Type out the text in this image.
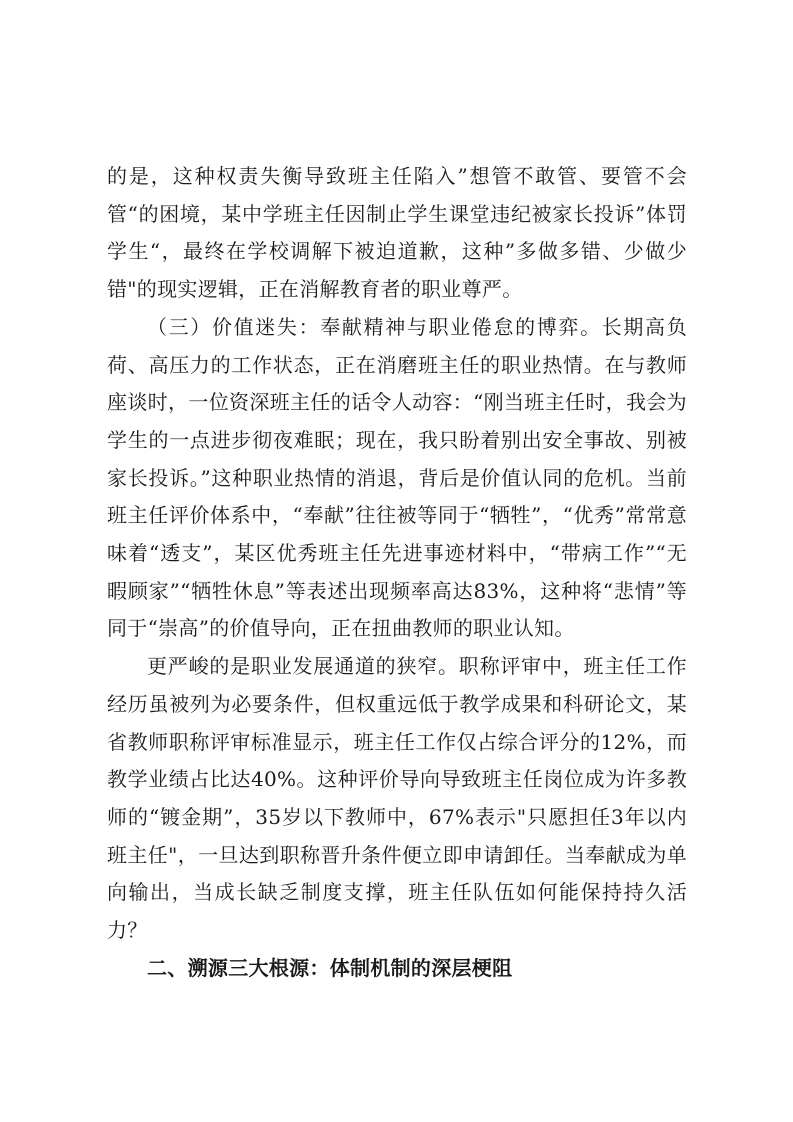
的是，这种权责失衡导致班主任陷入”想管不敢管、要管不会管“的困境，某中学班主任因制止学生课堂违纪被家长投诉”体罚学生“，最终在学校调解下被迫道歉，这种”多做多错、少做少错"的现实逻辑，正在消解教育者的职业尊严。

（三）价值迷失：奉献精神与职业倦怠的博弈。长期高负荷、高压力的工作状态，正在消磨班主任的职业热情。在与教师座谈时，一位资深班主任的话令人动容：“刚当班主任时，我会为学生的一点进步彻夜难眠；现在，我只盼着别出安全事故、别被家长投诉。”这种职业热情的消退，背后是价值认同的危机。当前班主任评价体系中，“奉献”往往被等同于“牺牲”，“优秀”常常意味着“透支”，某区优秀班主任先进事迹材料中，“带病工作”“无暇顾家”“牺牲休息”等表述出现频率高达83%，这种将“悲情”等同于“崇高”的价值导向，正在扭曲教师的职业认知。

更严峻的是职业发展通道的狭窄。职称评审中，班主任工作经历虽被列为必要条件，但权重远低于教学成果和科研论文，某省教师职称评审标准显示，班主任工作仅占综合评分的12%，而教学业绩占比达40%。这种评价导向导致班主任岗位成为许多教师的“镀金期”，35岁以下教师中，67%表示"只愿担任3年以内班主任"，一旦达到职称晋升条件便立即申请卸任。当奉献成为单向输出，当成长缺乏制度支撑，班主任队伍如何能保持持久活力？

二、溯源三大根源：体制机制的深层梗阻
